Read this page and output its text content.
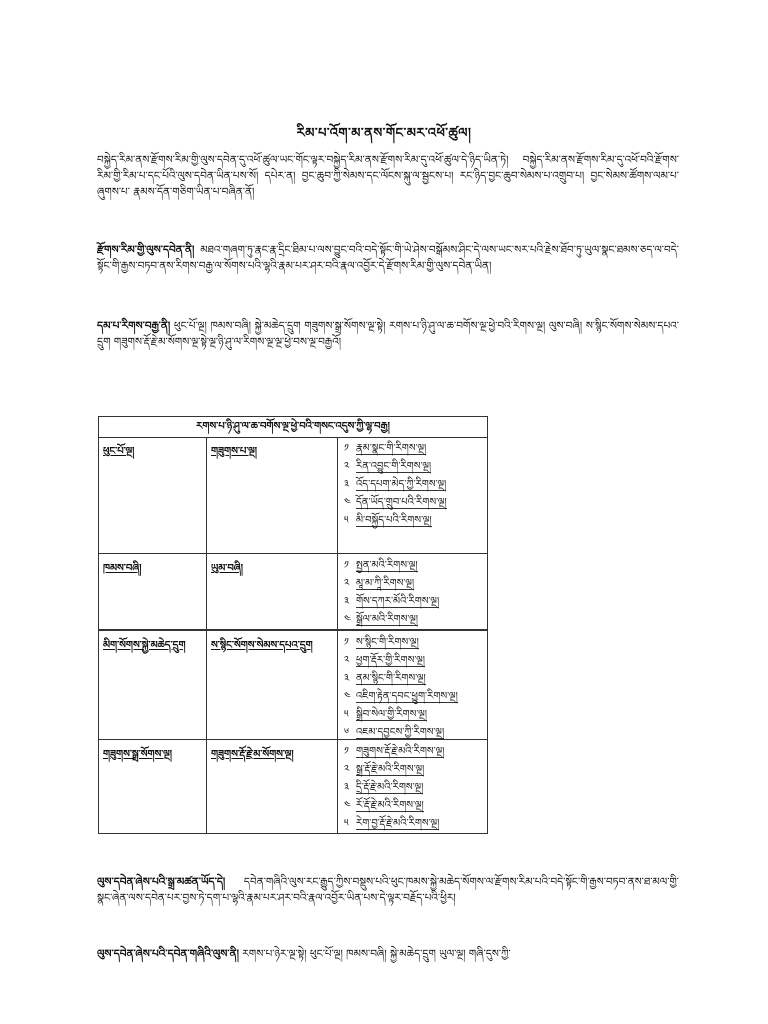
རིམ་པ་འོག་མ་ནས་གོང་མར་འཕོ་ཚུལ།
བསྐྱེད་རིམ་ནས་རྫོགས་རིམ་གྱི་ལུས་དབེན་དུ་འཕོ་ཚུལ་ཡང་གོང་ལྟར་བསྐྱེད་རིམ་ནས་རྫོགས་རིམ་དུ་འཕོ་ཚུལ་དེ་ཉིད་ཡིན་ཏེ། བསྐྱེད་རིམ་ནས་རྫོགས་རིམ་དུ་འཕོ་བའི་རྫོགས་རིམ་གྱི་རིམ་པ་དང་པོའི་ལུས་དབེན་ཡིན་པས་སོ། དཔེར་ན། བྱང་ཆུབ་ཀྱི་སེམས་དང་ལོངས་སྐུ་ལ་སྦྱངས་པ། རང་ཉིད་བྱང་ཆུབ་སེམས་པ་འགྲུབ་པ། བྱང་སེམས་ཚོགས་ལམ་པ་ཞུགས་པ་ རྣམས་དོན་གཅིག་ཡིན་པ་བཞིན་ནོ།
རྫོགས་རིམ་གྱི་ལུས་དབེན་ནི། མཐའ་གཞག་ཏུ་རྣང་རྣ་དྲིང་ཐིམ་པ་ལས་བྱུང་བའི་བདེ་སྟོང་གི་ཡེ་ཤེས་བསྒོམས་ཤིང་དེ་ལས་ཡང་སར་པའི་རྗེས་ཐོབ་ཏུ་ཡུལ་སྣང་ཐམས་ཅད་ལ་བདེ་སྟོང་གི་རྒྱས་བཏབ་ནས་རིགས་བརྒྱ་ལ་སོགས་པའི་ལྷའི་རྣམ་པར་ཤར་བའི་རྣལ་འབྱོར་དེ་རྫོགས་རིམ་གྱི་ལུས་དབེན་ཡིན།
དམ་པ་རིགས་བརྒྱ་ནི། ཕུང་པོ་ལྔ། ཁམས་བཞི། སྐྱེ་མཆེད་དྲུག གཟུགས་སྒྲ་སོགས་ལྔ་སྟེ། རགས་པ་ཉི་ཤུ་ལ་ཆ་བགོས་ལྔ་ཕྱེ་བའི་རིགས་ལྔ། ལུས་བཞི། ས་སྙིང་སོགས་སེམས་དཔའ་དྲུག གཟུགས་རྡོ་རྗེ་མ་སོགས་ལྔ་སྟེ་ལྔ་ཉི་ཤུ་ལ་རིགས་ལྔ་ལྔ་ཕྱེ་བས་ལྔ་བརྒྱའོ།
རགས་པ་ཉི་ཤུ་ལ་ཆ་བགོས་ལྔ་ཕྱེ་བའི་གསང་འདུས་ཀྱི་ལྷ་བརྒྱ།
ཕུང་པོ་ལྔ།	གཟུགས་པ་ལྔ།	༡ རྣམ་སྣང་གི་རིགས་ལྔ།
༢ རིན་འབྱུང་གི་རིགས་ལྔ།
༣ འོད་དཔག་མེད་ཀྱི་རིགས་ལྔ།
༤ དོན་ཡོད་གྲུབ་པའི་རིགས་ལྔ།
༥ མི་བསྐྱོད་པའི་རིགས་ལྔ།
ཁམས་བཞི།	ཡུམ་བཞི།	༡ སྤྱན་མའི་རིགས་ལྔ།
༢ མཱ་མ་ཀཱི་རིགས་ལྔ།
༣ གོས་དཀར་མོའི་རིགས་ལྔ།
༤ སྒྲོལ་མའི་རིགས་ལྔ།
མིག་སོགས་སྐྱེ་མཆེད་དྲུག	ས་སྙིང་སོགས་སེམས་དཔའ་དྲུག	༡ ས་སྙིང་གི་རིགས་ལྔ།
༢ ཕྱག་རྡོར་གྱི་རིགས་ལྔ།
༣ ནམ་སྙིང་གི་རིགས་ལྔ།
༤ འཇིག་རྟེན་དབང་ཕྱུག་རིགས་ལྔ།
༥ སྒྲིབ་སེལ་གྱི་རིགས་ལྔ།
༦ འཇམ་དབྱངས་ཀྱི་རིགས་ལྔ།
གཟུགས་སྒྲ་སོགས་ལྔ།	གཟུགས་རྡོ་རྗེ་མ་སོགས་ལྔ།	༡ གཟུགས་རྡོ་རྗེ་མའི་རིགས་ལྔ།
༢ སྒྲ་རྡོ་རྗེ་མའི་རིགས་ལྔ།
༣ དྲི་རྡོ་རྗེ་མའི་རིགས་ལྔ།
༤ རོ་རྡོ་རྗེ་མའི་རིགས་ལྔ།
༥ རེག་བྱ་རྡོ་རྗེ་མའི་རིགས་ལྔ།
ལུས་དབེན་ཞེས་པའི་སྒྲ་མཚན་ཡོད་དེ། དབེན་གཞིའི་ལུས་རང་རྒྱུད་ཀྱིས་བསྡུས་པའི་ཕུང་ཁམས་སྐྱེ་མཆེད་སོགས་ལ་རྫོགས་རིམ་པའི་བདེ་སྟོང་གི་རྒྱས་བཏབ་ནས་ཐ་མལ་གྱི་སྣང་ཞེན་ལས་དབེན་པར་བྱས་ཏེ་དག་པ་ལྷའི་རྣམ་པར་ཤར་བའི་རྣལ་འབྱོར་ཡིན་པས་དེ་ལྟར་བརྗོད་པའི་ཕྱིར།
ལུས་དབེན་ཞེས་པའི་དབེན་གཞིའི་ལུས་ནི། རགས་པ་ཉེར་ལྔ་སྟེ། ཕུང་པོ་ལྔ། ཁམས་བཞི། སྐྱེ་མཆེད་དྲུག ཡུལ་ལྔ། གཞི་དུས་ཀྱི་
